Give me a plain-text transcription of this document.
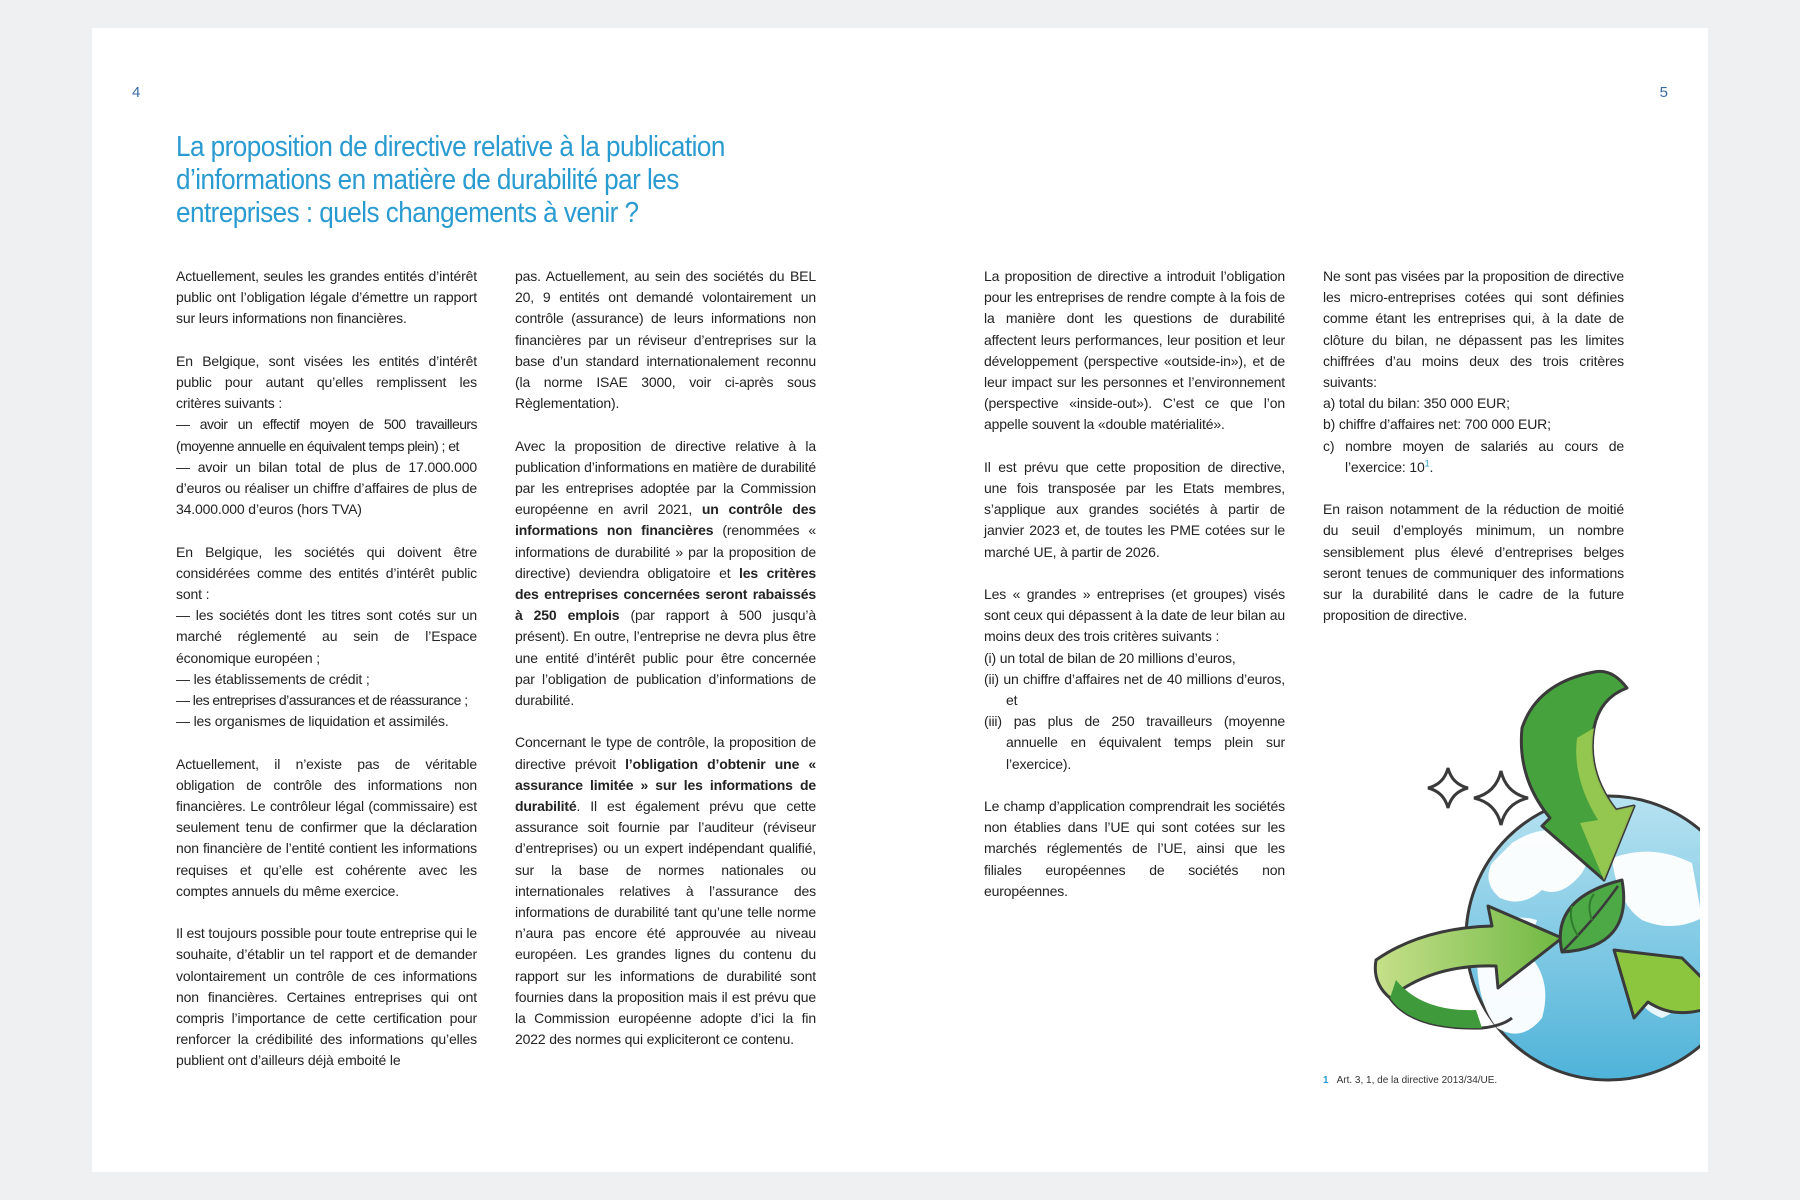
4	5
La proposition de directive relative à la publication d’informations en matière de durabilité par les entreprises : quels changements à venir ?

Actuellement, seules les grandes entités d’intérêt public ont l’obligation légale d’émettre un rapport sur leurs informations non financières.

En Belgique, sont visées les entités d’intérêt public pour autant qu’elles remplissent les critères suivants :
— avoir un effectif moyen de 500 travailleurs (moyenne annuelle en équivalent temps plein) ; et
— avoir un bilan total de plus de 17.000.000 d’euros ou réaliser un chiffre d’affaires de plus de 34.000.000 d’euros (hors TVA)

En Belgique, les sociétés qui doivent être considérées comme des entités d’intérêt public sont :
— les sociétés dont les titres sont cotés sur un marché réglementé au sein de l’Espace économique européen ;
— les établissements de crédit ;
— les entreprises d’assurances et de réassurance ;
— les organismes de liquidation et assimilés.

Actuellement, il n’existe pas de véritable obligation de contrôle des informations non financières. Le contrôleur légal (commissaire) est seulement tenu de confirmer que la déclaration non financière de l’entité contient les informations requises et qu’elle est cohérente avec les comptes annuels du même exercice.

Il est toujours possible pour toute entreprise qui le souhaite, d’établir un tel rapport et de demander volontairement un contrôle de ces informations non financières. Certaines entreprises qui ont compris l’importance de cette certification pour renforcer la crédibilité des informations qu’elles publient ont d’ailleurs déjà emboité le

pas. Actuellement, au sein des sociétés du BEL 20, 9 entités ont demandé volontairement un contrôle (assurance) de leurs informations non financières par un réviseur d’entreprises sur la base d’un standard internationalement reconnu (la norme ISAE 3000, voir ci-après sous Règlementation).

Avec la proposition de directive relative à la publication d’informations en matière de durabilité par les entreprises adoptée par la Commission européenne en avril 2021, un contrôle des informations non financières (renommées « informations de durabilité » par la proposition de directive) deviendra obligatoire et les critères des entreprises concernées seront rabaissés à 250 emplois (par rapport à 500 jusqu’à présent). En outre, l’entreprise ne devra plus être une entité d’intérêt public pour être concernée par l’obligation de publication d’informations de durabilité.

Concernant le type de contrôle, la proposition de directive prévoit l’obligation d’obtenir une « assurance limitée » sur les informations de durabilité. Il est également prévu que cette assurance soit fournie par l’auditeur (réviseur d’entreprises) ou un expert indépendant qualifié, sur la base de normes nationales ou internationales relatives à l’assurance des informations de durabilité tant qu’une telle norme n’aura pas encore été approuvée au niveau européen. Les grandes lignes du contenu du rapport sur les informations de durabilité sont fournies dans la proposition mais il est prévu que la Commission européenne adopte d’ici la fin 2022 des normes qui expliciteront ce contenu.

La proposition de directive a introduit l’obligation pour les entreprises de rendre compte à la fois de la manière dont les questions de durabilité affectent leurs performances, leur position et leur développement (perspective «outside-in»), et de leur impact sur les personnes et l’environnement (perspective «inside-out»). C’est ce que l’on appelle souvent la «double matérialité».

Il est prévu que cette proposition de directive, une fois transposée par les Etats membres, s’applique aux grandes sociétés à partir de janvier 2023 et, de toutes les PME cotées sur le marché UE, à partir de 2026.

Les « grandes » entreprises (et groupes) visés sont ceux qui dépassent à la date de leur bilan au moins deux des trois critères suivants :
(i) un total de bilan de 20 millions d’euros,
(ii) un chiffre d’affaires net de 40 millions d’euros, et
(iii) pas plus de 250 travailleurs (moyenne annuelle en équivalent temps plein sur l’exercice).

Le champ d’application comprendrait les sociétés non établies dans l’UE qui sont cotées sur les marchés réglementés de l’UE, ainsi que les filiales européennes de sociétés non européennes.

Ne sont pas visées par la proposition de directive les micro-entreprises cotées qui sont définies comme étant les entreprises qui, à la date de clôture du bilan, ne dépassent pas les limites chiffrées d’au moins deux des trois critères suivants:
a) total du bilan: 350 000 EUR;
b) chiffre d’affaires net: 700 000 EUR;
c) nombre moyen de salariés au cours de l’exercice: $10^1$.

En raison notamment de la réduction de moitié du seuil d’employés minimum, un nombre sensiblement plus élevé d’entreprises belges seront tenues de communiquer des informations sur la durabilité dans le cadre de la future proposition de directive.

1 Art. 3, 1, de la directive 2013/34/UE.
